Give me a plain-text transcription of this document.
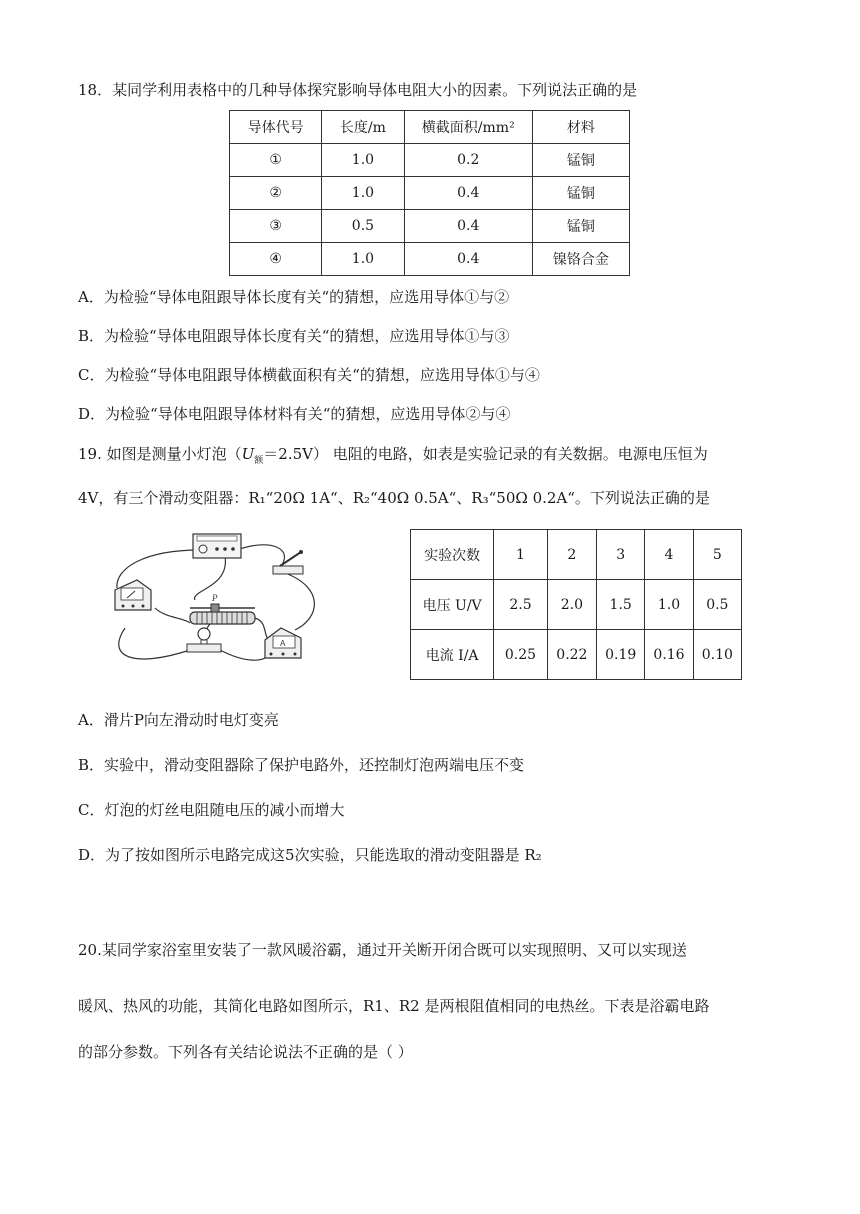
18．某同学利用表格中的几种导体探究影响导体电阻大小的因素。下列说法正确的是
导体代号	长度/m	横截面积/mm²	材料
①	1.0	0.2	锰铜
②	1.0	0.4	锰铜
③	0.5	0.4	锰铜
④	1.0	0.4	镍铬合金
A．为检验“导体电阻跟导体长度有关“的猜想，应选用导体①与②
B．为检验“导体电阻跟导体长度有关“的猜想，应选用导体①与③
C．为检验“导体电阻跟导体横截面积有关“的猜想，应选用导体①与④
D．为检验“导体电阻跟导体材料有关“的猜想，应选用导体②与④
19. 如图是测量小灯泡$(U_额=2.5V)$ 电阻的电路，如表是实验记录的有关数据。电源电压恒为
4V，有三个滑动变阻器：R₁“20Ω 1A“、R₂“40Ω 0.5A“、R₃“50Ω 0.2A“。下列说法正确的是
P
A
实验次数	1	2	3	4	5
电压 U/V	2.5	2.0	1.5	1.0	0.5
电流 I/A	0.25	0.22	0.19	0.16	0.10
A．滑片P向左滑动时电灯变亮
B．实验中，滑动变阻器除了保护电路外，还控制灯泡两端电压不变
C．灯泡的灯丝电阻随电压的减小而增大
D．为了按如图所示电路完成这5次实验，只能选取的滑动变阻器是 R₂
20.某同学家浴室里安装了一款风暖浴霸，通过开关断开闭合既可以实现照明、又可以实现送
暖风、热风的功能，其简化电路如图所示，R1、R2 是两根阻值相同的电热丝。下表是浴霸电路
的部分参数。下列各有关结论说法不正确的是（ ）
